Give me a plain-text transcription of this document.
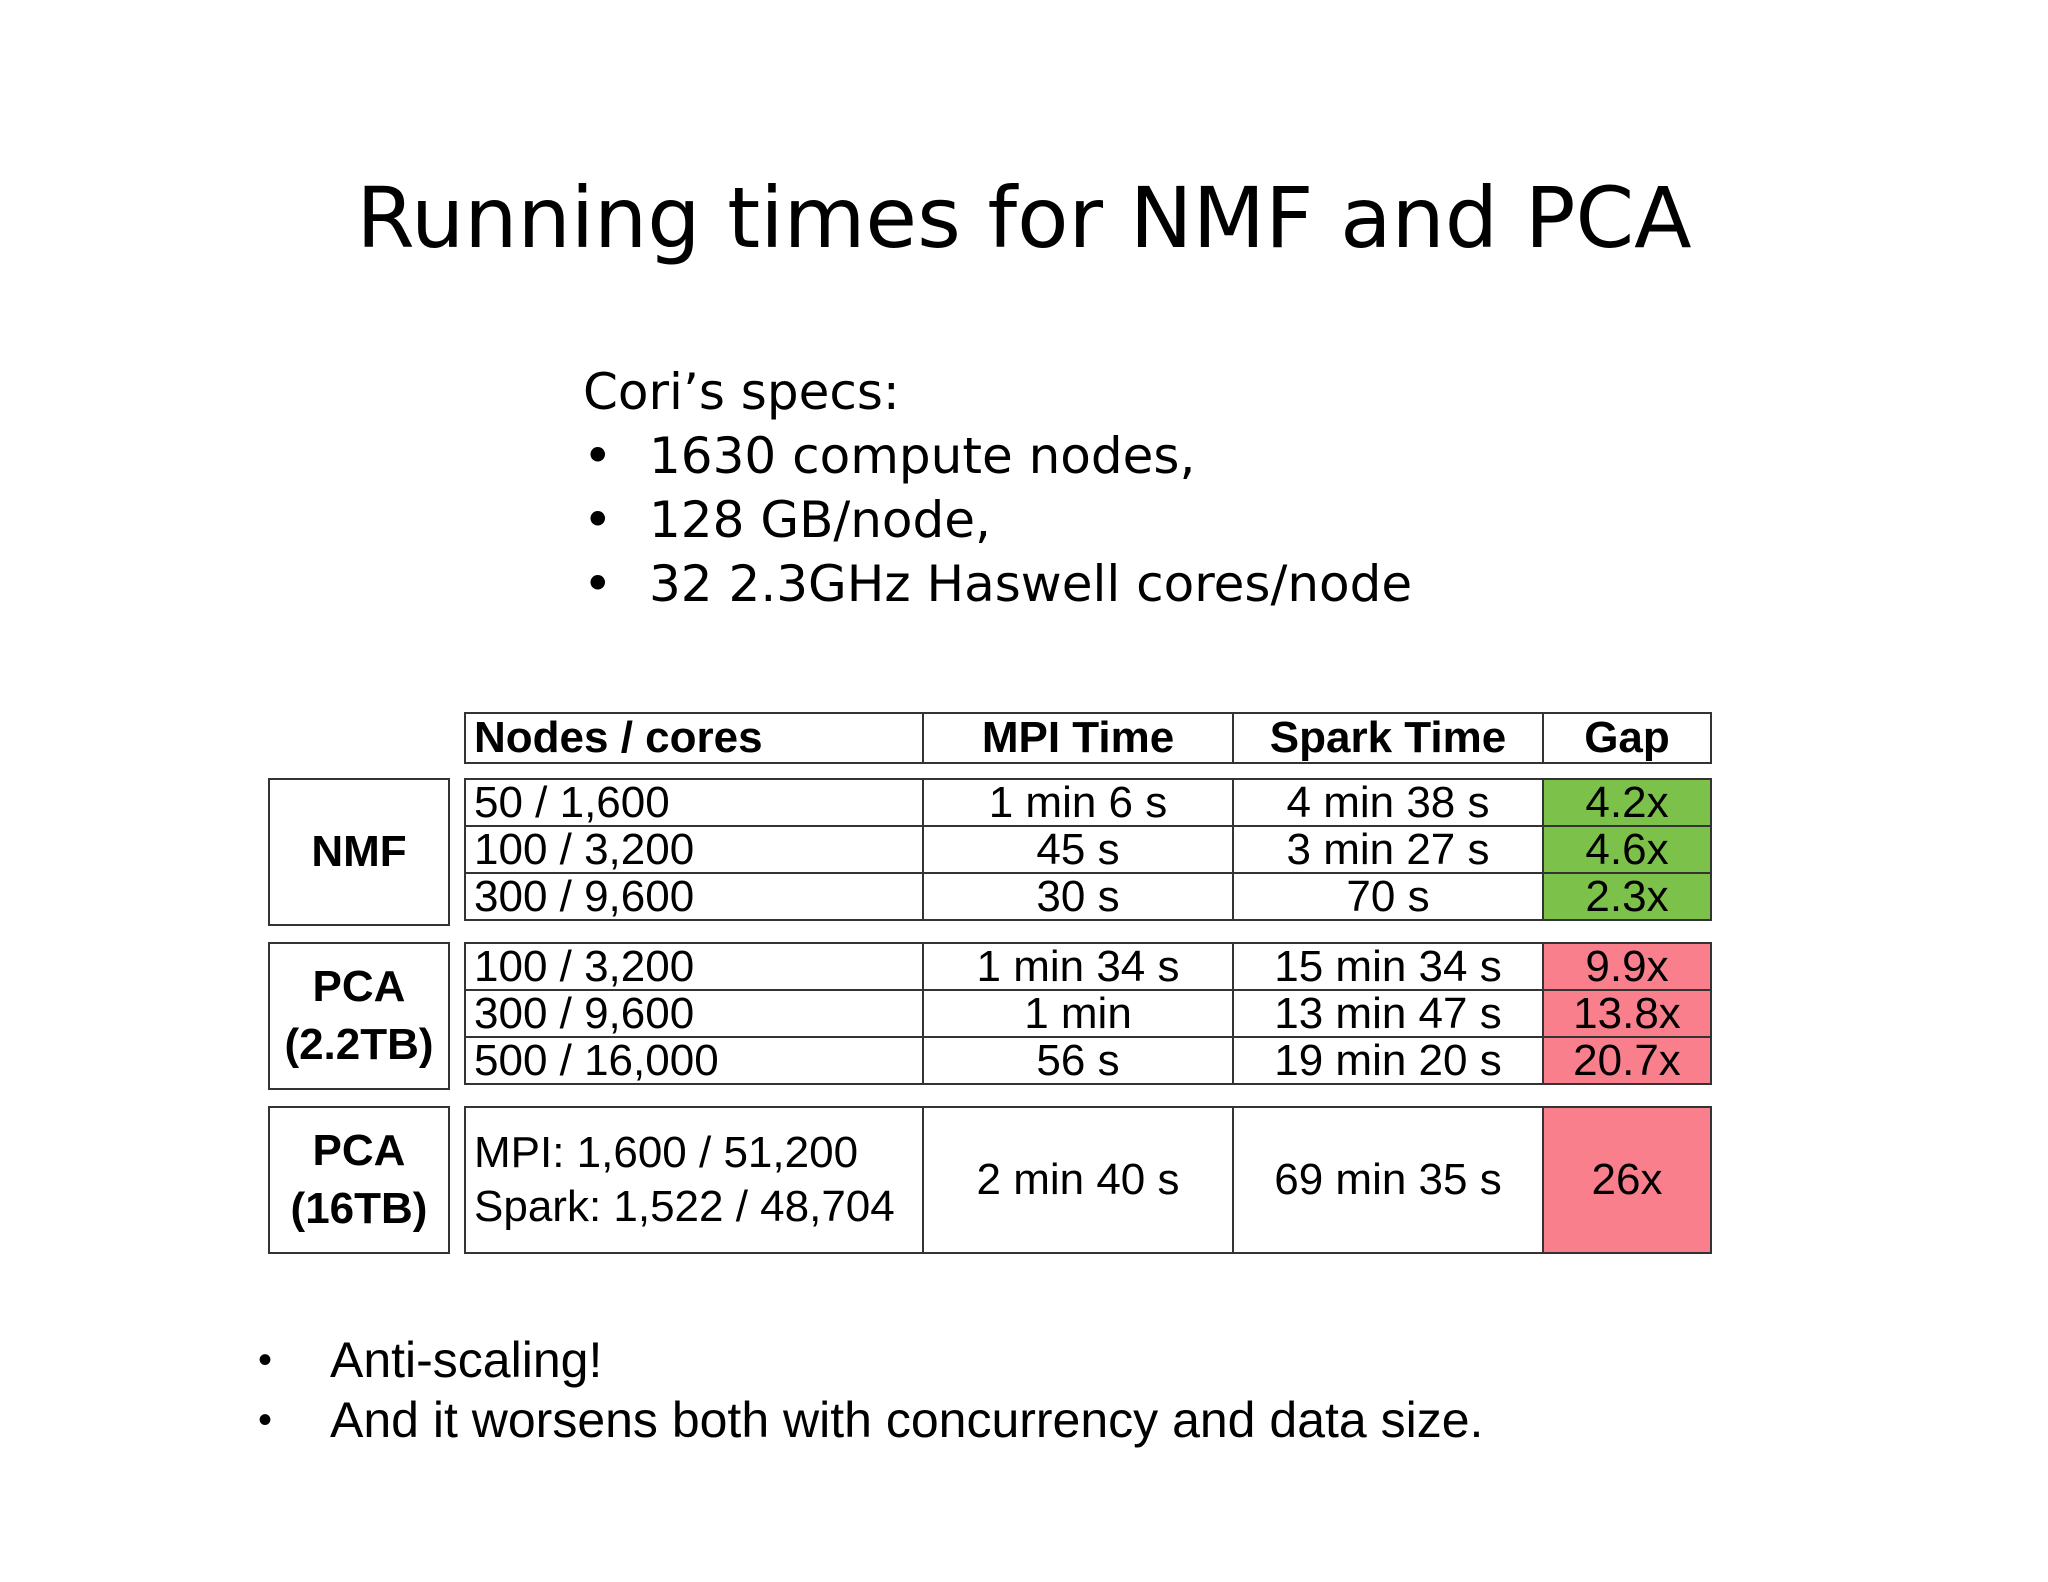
Running times for NMF and PCA
Cori’s specs:
• 1630 compute nodes,
• 128 GB/node,
• 32 2.3GHz Haswell cores/node
Nodes / cores	MPI Time	Spark Time	Gap
NMF
50 / 1,600	1 min 6 s	4 min 38 s	4.2x
100 / 3,200	45 s	3 min 27 s	4.6x
300 / 9,600	30 s	70 s	2.3x
PCA
(2.2TB)
100 / 3,200	1 min 34 s	15 min 34 s	9.9x
300 / 9,600	1 min	13 min 47 s	13.8x
500 / 16,000	56 s	19 min 20 s	20.7x
PCA
(16TB)
MPI: 1,600 / 51,200
Spark: 1,522 / 48,704
	2 min 40 s	69 min 35 s	26x
• Anti-scaling!
• And it worsens both with concurrency and data size.
